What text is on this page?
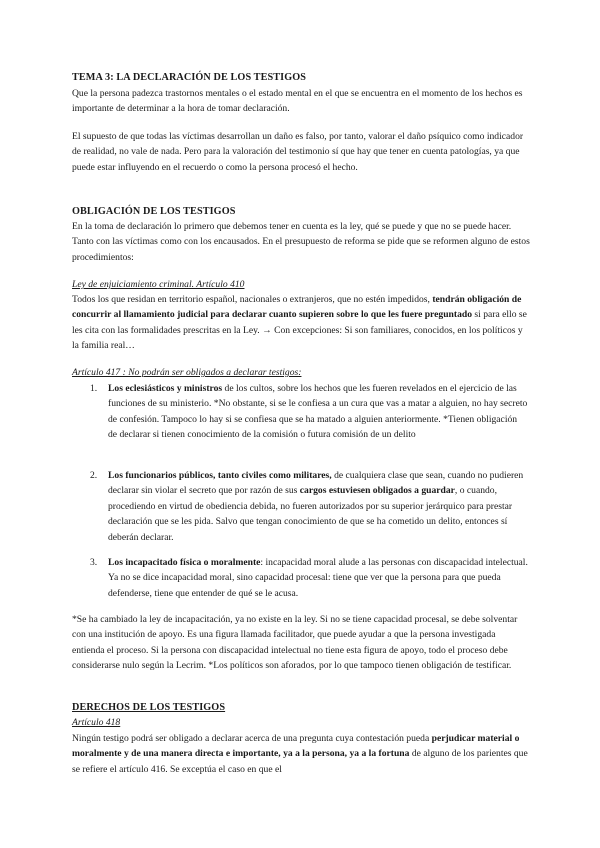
TEMA 3: LA DECLARACIÓN DE LOS TESTIGOS
Que la persona padezca trastornos mentales o el estado mental en el que se encuentra en el momento de los hechos es importante de determinar a la hora de tomar declaración.
El supuesto de que todas las víctimas desarrollan un daño es falso, por tanto, valorar el daño psíquico como indicador de realidad, no vale de nada. Pero para la valoración del testimonio sí que hay que tener en cuenta patologías, ya que puede estar influyendo en el recuerdo o como la persona procesó el hecho.
OBLIGACIÓN DE LOS TESTIGOS
En la toma de declaración lo primero que debemos tener en cuenta es la ley, qué se puede y que no se puede hacer. Tanto con las víctimas como con los encausados. En el presupuesto de reforma se pide que se reformen alguno de estos procedimientos:
Ley de enjuiciamiento criminal. Artículo 410
Todos los que residan en territorio español, nacionales o extranjeros, que no estén impedidos, tendrán obligación de concurrir al llamamiento judicial para declarar cuanto supieren sobre lo que les fuere preguntado si para ello se les cita con las formalidades prescritas en la Ley. → Con excepciones: Si son familiares, conocidos, en los políticos y la familia real…
Artículo 417 : No podrán ser obligados a declarar testigos:
1. Los eclesiásticos y ministros de los cultos, sobre los hechos que les fueren revelados en el ejercicio de las funciones de su ministerio. *No obstante, si se le confiesa a un cura que vas a matar a alguien, no hay secreto de confesión. Tampoco lo hay si se confiesa que se ha matado a alguien anteriormente. *Tienen obligación de declarar si tienen conocimiento de la comisión o futura comisión de un delito
2. Los funcionarios públicos, tanto civiles como militares, de cualquiera clase que sean, cuando no pudieren declarar sin violar el secreto que por razón de sus cargos estuviesen obligados a guardar, o cuando, procediendo en virtud de obediencia debida, no fueren autorizados por su superior jerárquico para prestar declaración que se les pida. Salvo que tengan conocimiento de que se ha cometido un delito, entonces sí deberán declarar.
3. Los incapacitado física o moralmente: incapacidad moral alude a las personas con discapacidad intelectual. Ya no se dice incapacidad moral, sino capacidad procesal: tiene que ver que la persona para que pueda defenderse, tiene que entender de qué se le acusa.
*Se ha cambiado la ley de incapacitación, ya no existe en la ley. Si no se tiene capacidad procesal, se debe solventar con una institución de apoyo. Es una figura llamada facilitador, que puede ayudar a que la persona investigada entienda el proceso. Si la persona con discapacidad intelectual no tiene esta figura de apoyo, todo el proceso debe considerarse nulo según la Lecrim. *Los políticos son aforados, por lo que tampoco tienen obligación de testificar.
DERECHOS DE LOS TESTIGOS
Artículo 418
Ningún testigo podrá ser obligado a declarar acerca de una pregunta cuya contestación pueda perjudicar material o moralmente y de una manera directa e importante, ya a la persona, ya a la fortuna de alguno de los parientes que se refiere el artículo 416. Se exceptúa el caso en que el
